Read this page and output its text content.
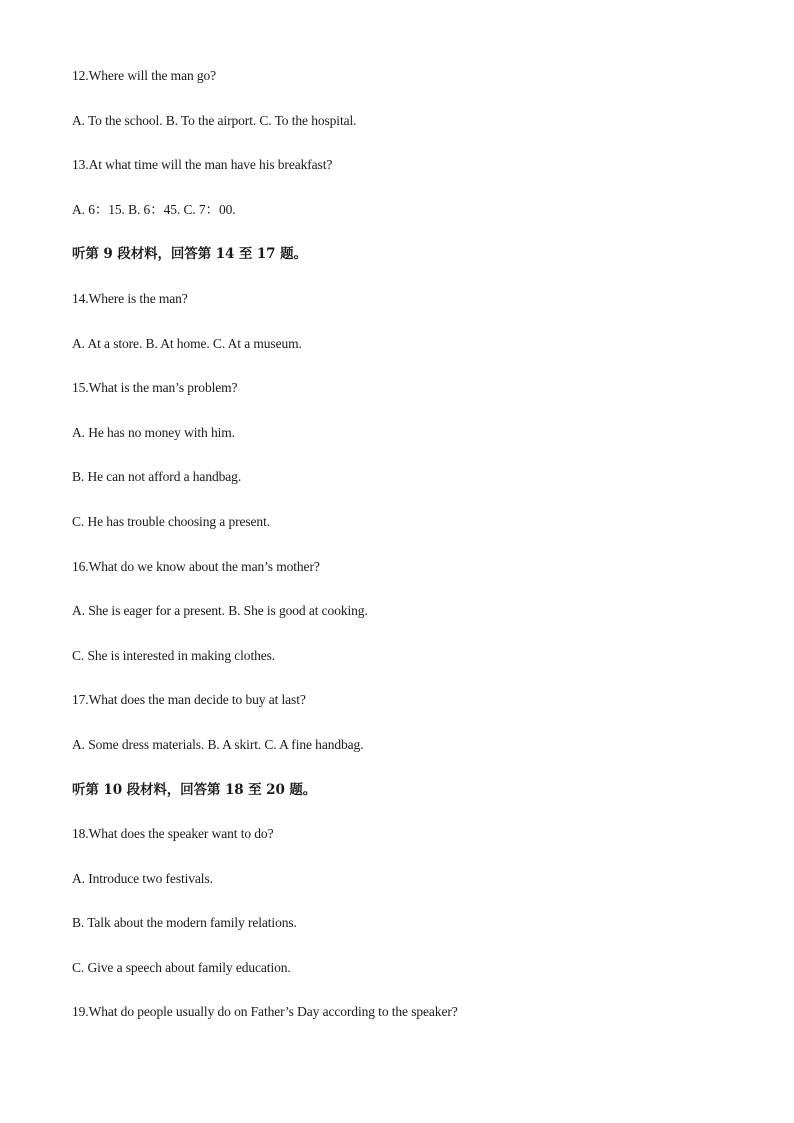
12.Where will the man go?
A. To the school. B. To the airport. C. To the hospital.
13.At what time will the man have his breakfast?
A. 6：15. B. 6：45. C. 7：00.
听第 9 段材料，回答第 14 至 17 题。
14.Where is the man?
A. At a store. B. At home. C. At a museum.
15.What is the man’s problem?
A. He has no money with him.
B. He can not afford a handbag.
C. He has trouble choosing a present.
16.What do we know about the man’s mother?
A. She is eager for a present. B. She is good at cooking.
C. She is interested in making clothes.
17.What does the man decide to buy at last?
A. Some dress materials. B. A skirt. C. A fine handbag.
听第 10 段材料，回答第 18 至 20 题。
18.What does the speaker want to do?
A. Introduce two festivals.
B. Talk about the modern family relations.
C. Give a speech about family education.
19.What do people usually do on Father’s Day according to the speaker?
